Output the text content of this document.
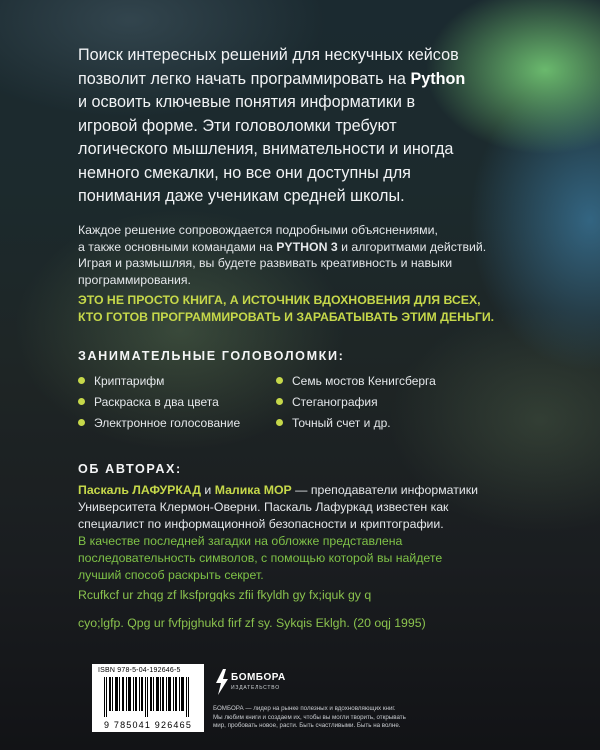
Поиск интересных решений для нескучных кейсов
позволит легко начать программировать на Python
и освоить ключевые понятия информатики в
игровой форме. Эти головоломки требуют
логического мышления, внимательности и иногда
немного смекалки, но все они доступны для
понимания даже ученикам средней школы.
Каждое решение сопровождается подробными объяснениями,
а также основными командами на PYTHON 3 и алгоритмами действий.
Играя и размышляя, вы будете развивать креативность и навыки
программирования.
ЭТО НЕ ПРОСТО КНИГА, А ИСТОЧНИК ВДОХНОВЕНИЯ ДЛЯ ВСЕХ,
КТО ГОТОВ ПРОГРАММИРОВАТЬ И ЗАРАБАТЫВАТЬ ЭТИМ ДЕНЬГИ.
ЗАНИМАТЕЛЬНЫЕ ГОЛОВОЛОМКИ:
Криптарифм
Раскраска в два цвета
Электронное голосование
Семь мостов Кенигсберга
Стеганография
Точный счет и др.
ОБ АВТОРАХ:
Паскаль ЛАФУРКАД и Малика МОР — преподаватели информатики
Университета Клермон-Оверни. Паскаль Лафуркад известен как
специалист по информационной безопасности и криптографии.
В качестве последней загадки на обложке представлена
последовательность символов, с помощью которой вы найдете
лучший способ раскрыть секрет.
Rcufkcf ur zhqg zf lksfprgqks zfii fkyldh gy fx;iquk gy q
cyo;lgfp. Qpg ur fvfpjghukd firf zf sy. Sykqis Eklgh. (20 oqj 1995)
ISBN 978-5-04-192646-5
9 785041 926465
БОМБОРА
ИЗДАТЕЛЬСТВО
БОМБОРА — лидер на рынке полезных и вдохновляющих книг.
Мы любим книги и создаем их, чтобы вы могли творить, открывать
мир, пробовать новое, расти. Быть счастливыми. Быть на волне.
